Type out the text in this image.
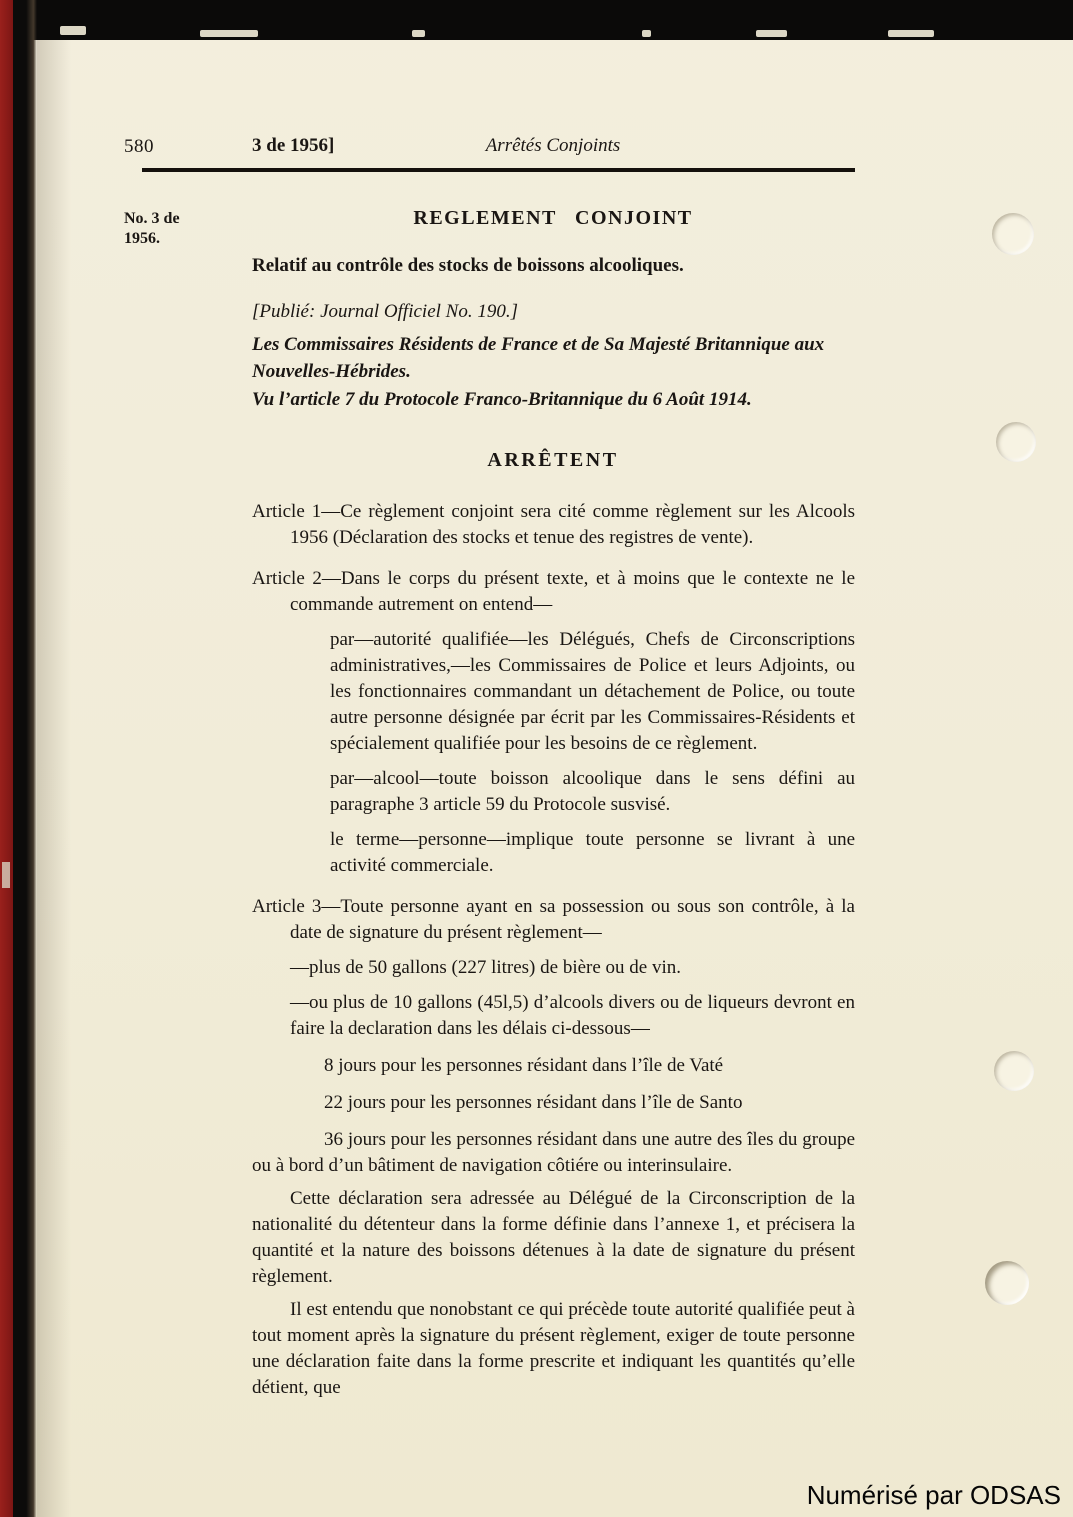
580	3 de 1956]	Arrêtés Conjoints
No. 3 de 1956.
REGLEMENT CONJOINT
Relatif au contrôle des stocks de boissons alcooliques.
[Publié: Journal Officiel No. 190.]
Les Commissaires Résidents de France et de Sa Majesté Britannique aux Nouvelles-Hébrides.
Vu l’article 7 du Protocole Franco-Britannique du 6 Août 1914.
ARRÊTENT
Article 1—Ce règlement conjoint sera cité comme règlement sur les Alcools 1956 (Déclaration des stocks et tenue des registres de vente).
Article 2—Dans le corps du présent texte, et à moins que le contexte ne le commande autrement on entend—
par—autorité qualifiée—les Délégués, Chefs de Circonscriptions administratives,—les Commissaires de Police et leurs Adjoints, ou les fonctionnaires commandant un détachement de Police, ou toute autre personne désignée par écrit par les Commissaires-Résidents et spécialement qualifiée pour les besoins de ce règlement.
par—alcool—toute boisson alcoolique dans le sens défini au paragraphe 3 article 59 du Protocole susvisé.
le terme—personne—implique toute personne se livrant à une activité commerciale.
Article 3—Toute personne ayant en sa possession ou sous son contrôle, à la date de signature du présent règlement—
—plus de 50 gallons (227 litres) de bière ou de vin.
—ou plus de 10 gallons (45l,5) d’alcools divers ou de liqueurs devront en faire la declaration dans les délais ci-dessous—
8 jours pour les personnes résidant dans l’île de Vaté
22 jours pour les personnes résidant dans l’île de Santo
36 jours pour les personnes résidant dans une autre des îles du groupe ou à bord d’un bâtiment de navigation côtiére ou interinsulaire.
Cette déclaration sera adressée au Délégué de la Circonscription de la nationalité du détenteur dans la forme définie dans l’annexe 1, et précisera la quantité et la nature des boissons détenues à la date de signature du présent règlement.
Il est entendu que nonobstant ce qui précède toute autorité qualifiée peut à tout moment après la signature du présent règlement, exiger de toute personne une déclaration faite dans la forme prescrite et indiquant les quantités qu’elle détient, que
Numérisé par ODSAS
